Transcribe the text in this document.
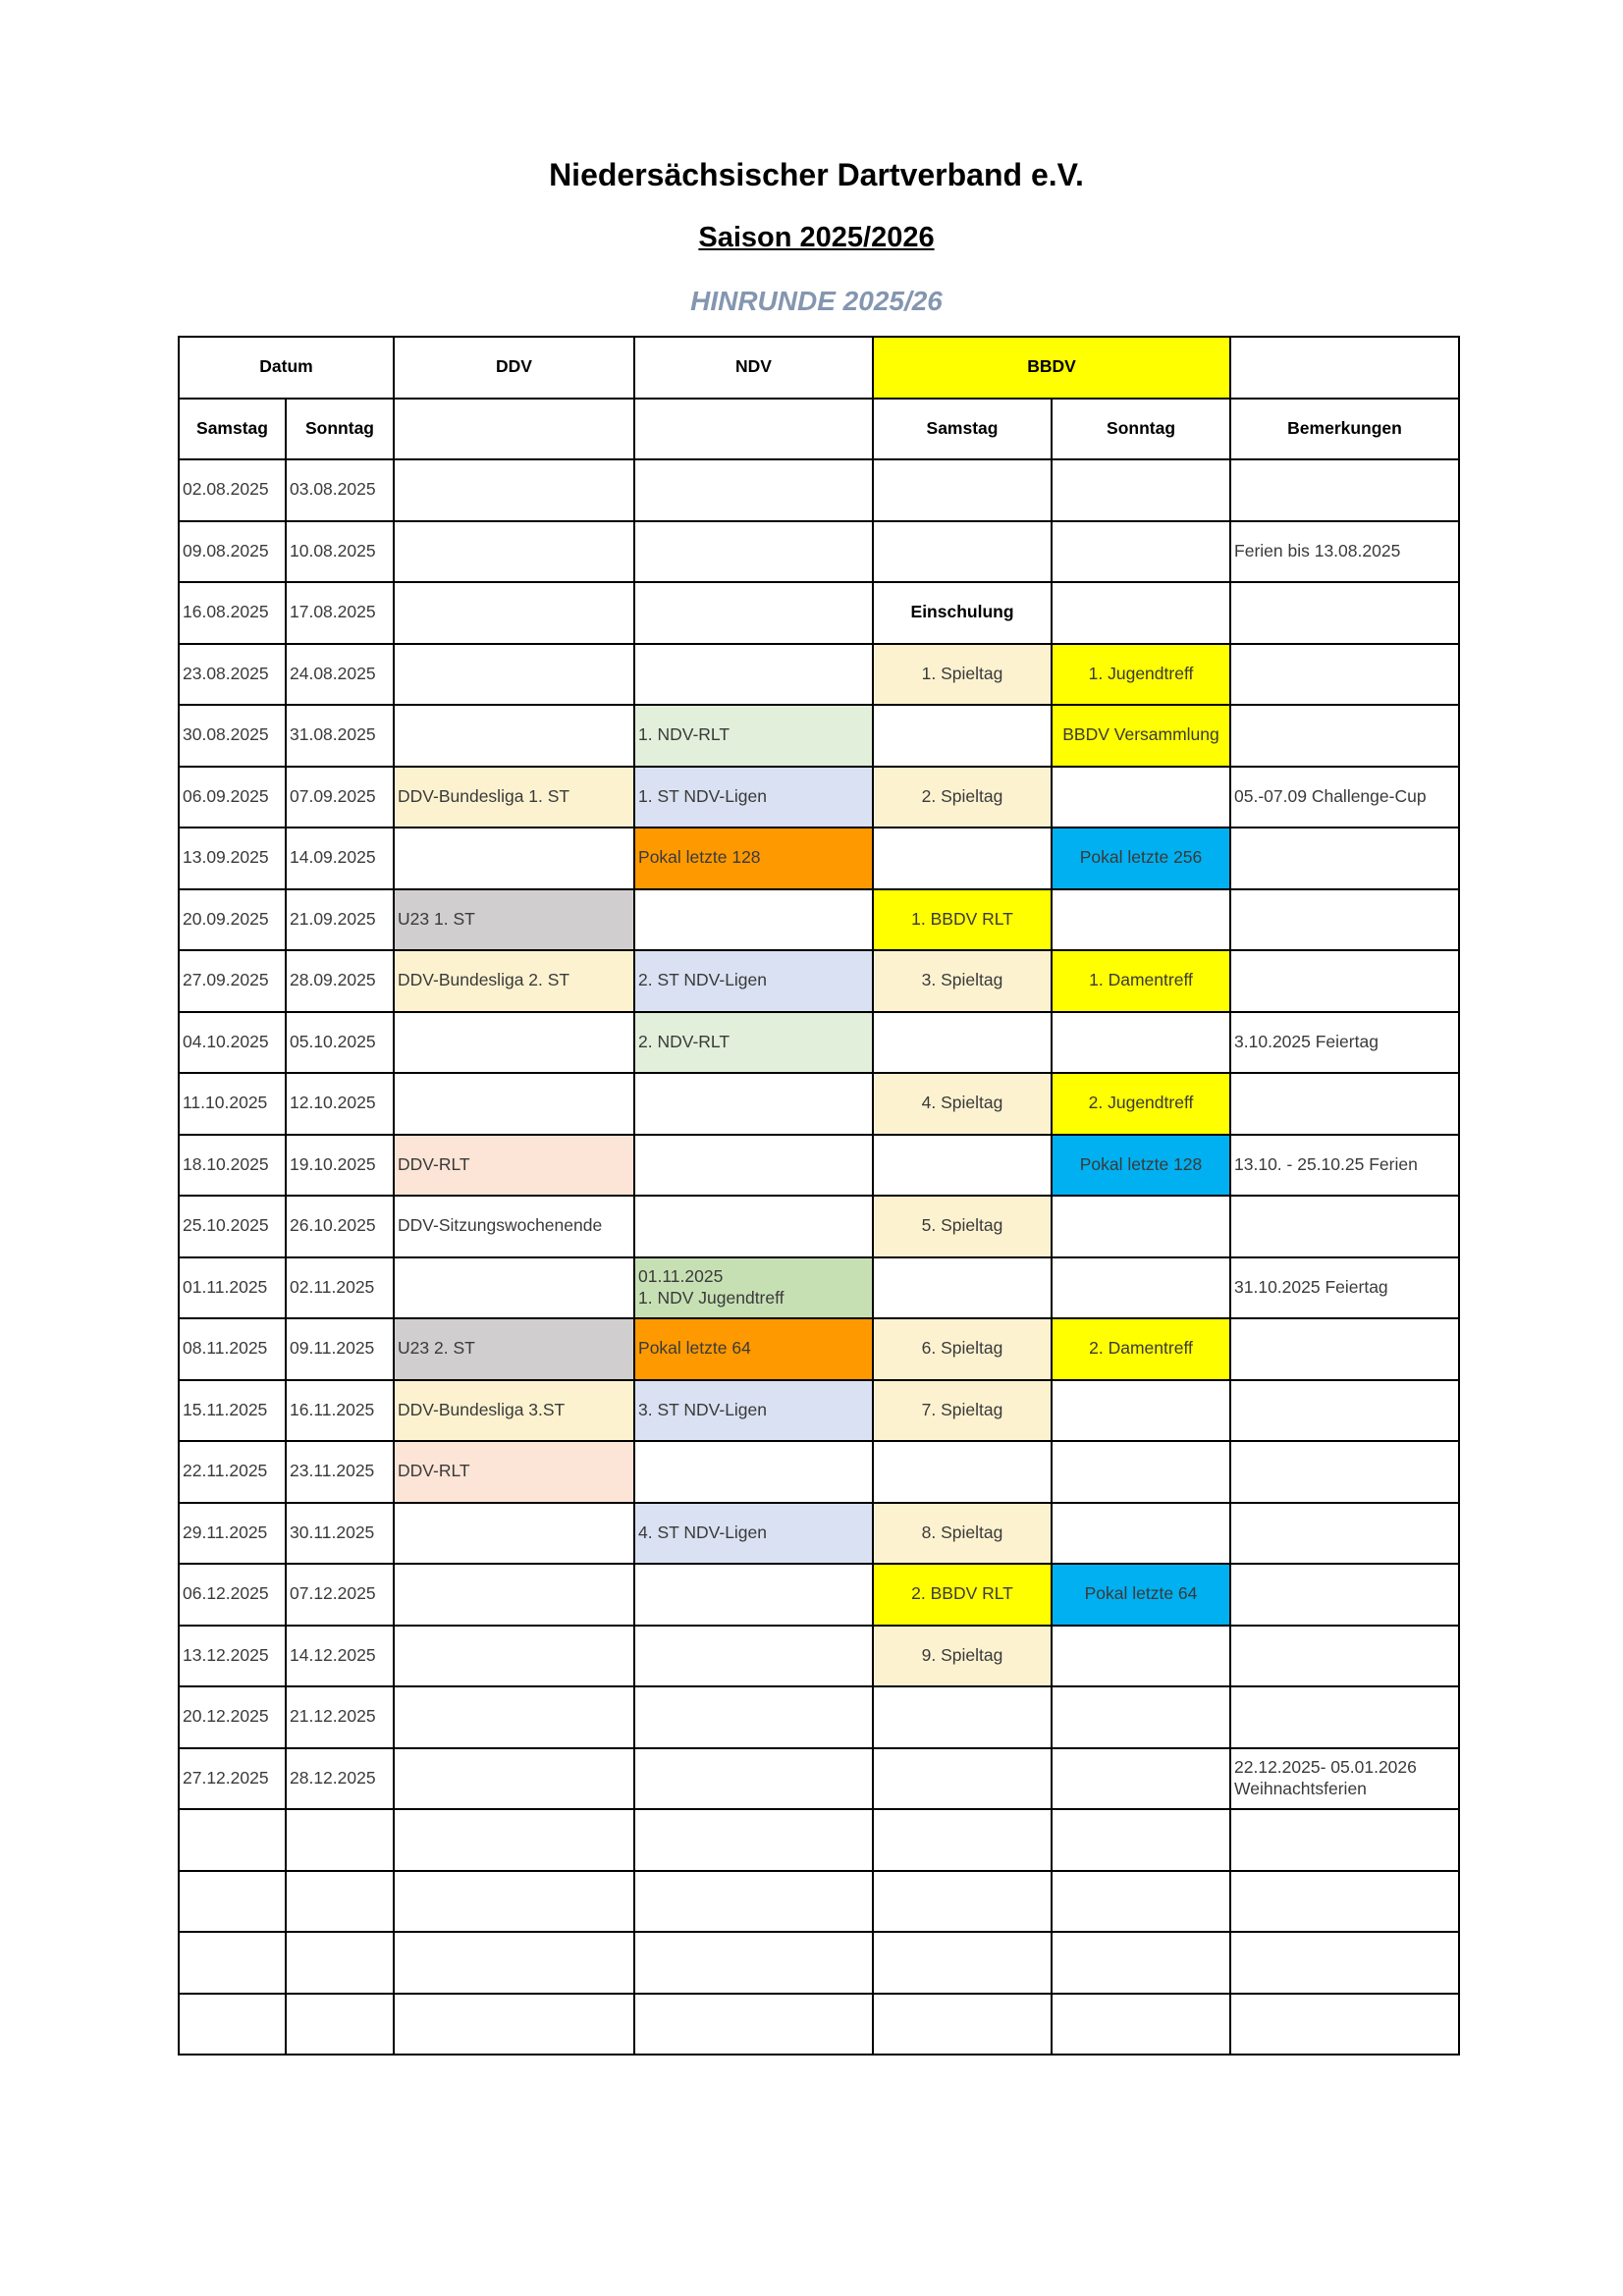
Niedersächsischer Dartverband e.V.
Saison 2025/2026
HINRUNDE 2025/26
Datum		DDV	NDV	BBDV		
Samstag	Sonntag			Samstag	Sonntag	Bemerkungen

02.08.2025	03.08.2025					

09.08.2025	10.08.2025					Ferien bis 13.08.2025

16.08.2025	17.08.2025			Einschulung		

23.08.2025	24.08.2025			1. Spieltag	1. Jugendtreff	

30.08.2025	31.08.2025		1. NDV-RLT		BBDV Versammlung	

06.09.2025	07.09.2025	DDV-Bundesliga 1. ST	1. ST NDV-Ligen	2. Spieltag		05.-07.09 Challenge-Cup

13.09.2025	14.09.2025		Pokal letzte 128		Pokal letzte 256	

20.09.2025	21.09.2025	U23 1. ST		1. BBDV RLT		

27.09.2025	28.09.2025	DDV-Bundesliga 2. ST	2. ST NDV-Ligen	3. Spieltag	1. Damentreff	

04.10.2025	05.10.2025		2. NDV-RLT			3.10.2025 Feiertag

11.10.2025	12.10.2025			4. Spieltag	2. Jugendtreff	

18.10.2025	19.10.2025	DDV-RLT			Pokal letzte 128	13.10. - 25.10.25 Ferien

25.10.2025	26.10.2025	DDV-Sitzungswochenende		5. Spieltag		

01.11.2025	02.11.2025		01.11.2025
1. NDV Jugendtreff			31.10.2025 Feiertag

08.11.2025	09.11.2025	U23 2. ST	Pokal letzte 64	6. Spieltag	2. Damentreff	

15.11.2025	16.11.2025	DDV-Bundesliga 3.ST	3. ST NDV-Ligen	7. Spieltag		

22.11.2025	23.11.2025	DDV-RLT				

29.11.2025	30.11.2025		4. ST NDV-Ligen	8. Spieltag		

06.12.2025	07.12.2025			2. BBDV RLT	Pokal letzte 64	

13.12.2025	14.12.2025			9. Spieltag		

20.12.2025	21.12.2025					

27.12.2025	28.12.2025					22.12.2025- 05.01.2026
Weihnachtsferien
